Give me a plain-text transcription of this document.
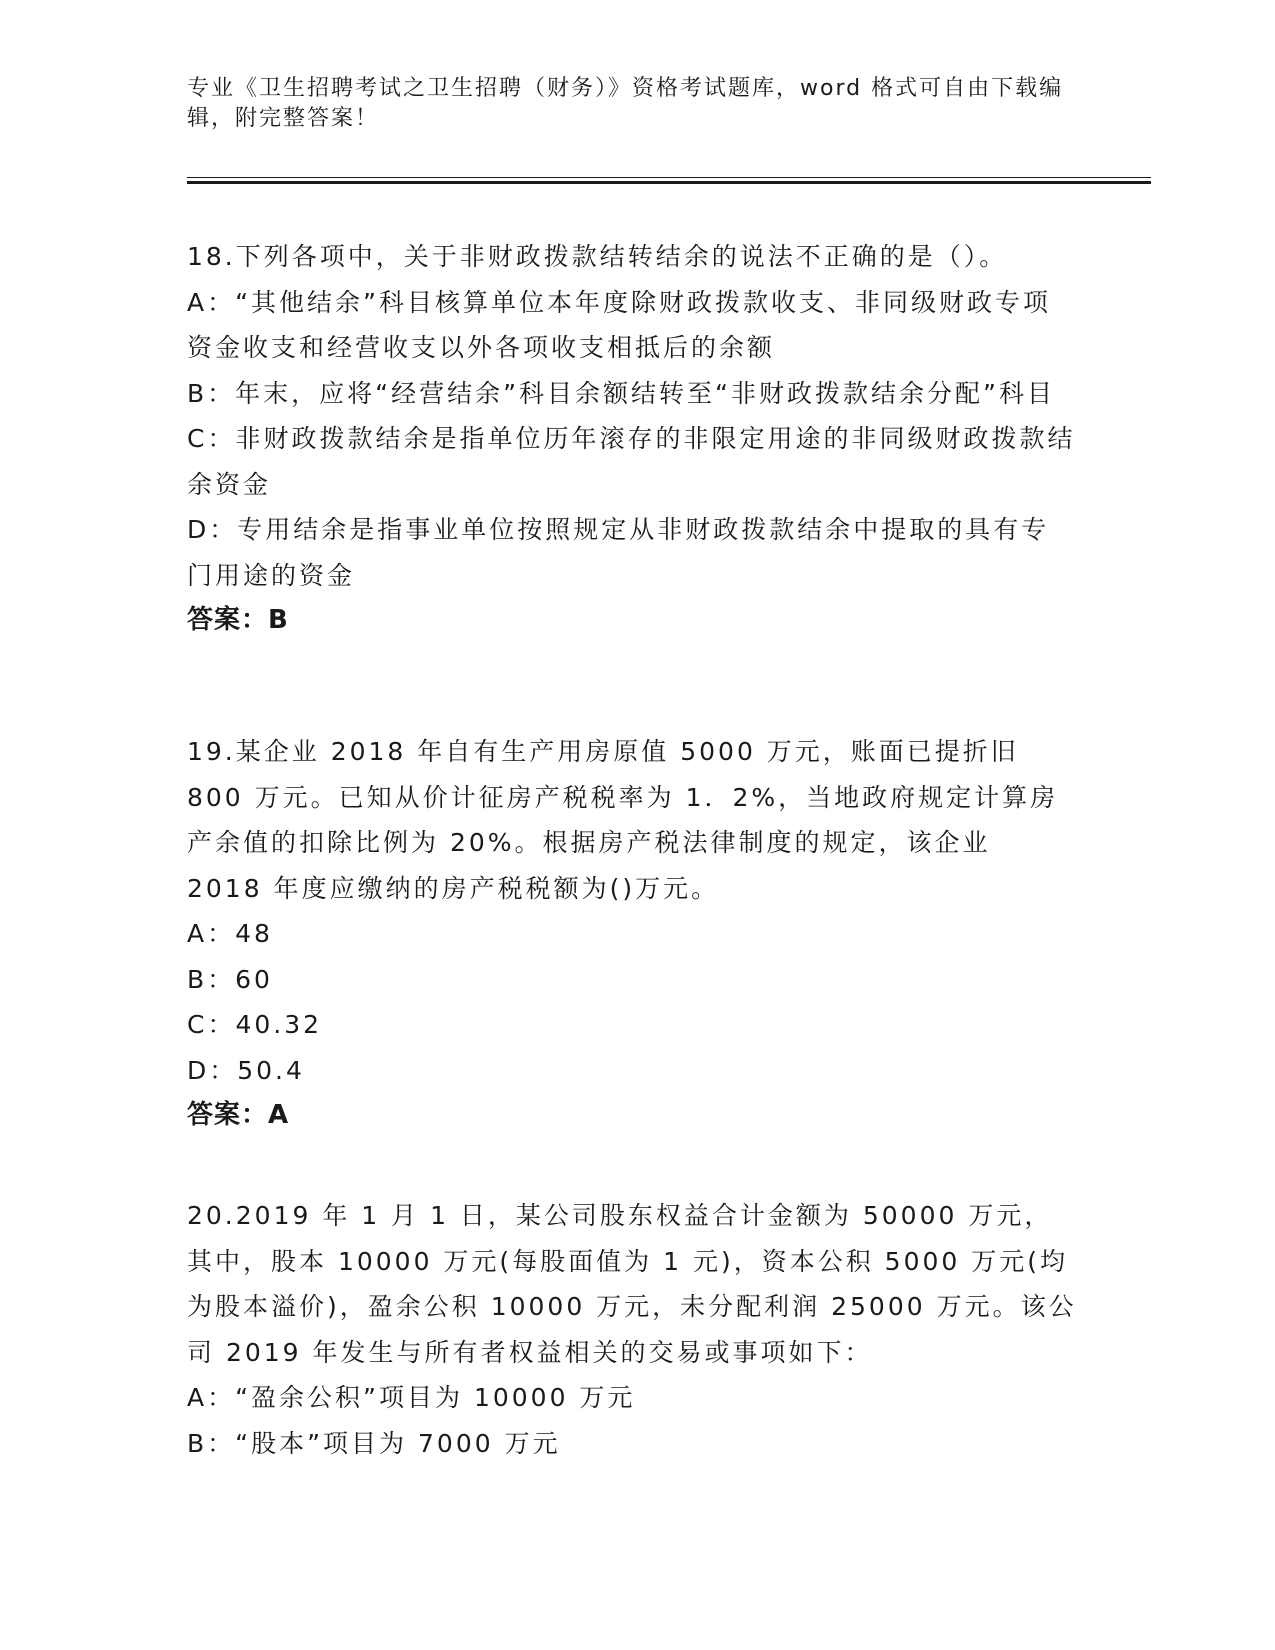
专业《卫生招聘考试之卫生招聘（财务）》资格考试题库，word 格式可自由下载编辑，附完整答案！
18.下列各项中，关于非财政拨款结转结余的说法不正确的是（）。
A：“其他结余”科目核算单位本年度除财政拨款收支、非同级财政专项资金收支和经营收支以外各项收支相抵后的余额
B：年末，应将“经营结余”科目余额结转至“非财政拨款结余分配”科目
C：非财政拨款结余是指单位历年滚存的非限定用途的非同级财政拨款结余资金
D：专用结余是指事业单位按照规定从非财政拨款结余中提取的具有专门用途的资金
答案：B
19.某企业 2018 年自有生产用房原值 5000 万元，账面已提折旧 800 万元。已知从价计征房产税税率为 1．2%，当地政府规定计算房产余值的扣除比例为 20%。根据房产税法律制度的规定，该企业 2018 年度应缴纳的房产税税额为()万元。
A：48
B：60
C：40.32
D：50.4
答案：A
20.2019 年 1 月 1 日，某公司股东权益合计金额为 50000 万元，其中，股本 10000 万元(每股面值为 1 元)，资本公积 5000 万元(均为股本溢价)，盈余公积 10000 万元，未分配利润 25000 万元。该公司 2019 年发生与所有者权益相关的交易或事项如下：
A：“盈余公积”项目为 10000 万元
B：“股本”项目为 7000 万元
